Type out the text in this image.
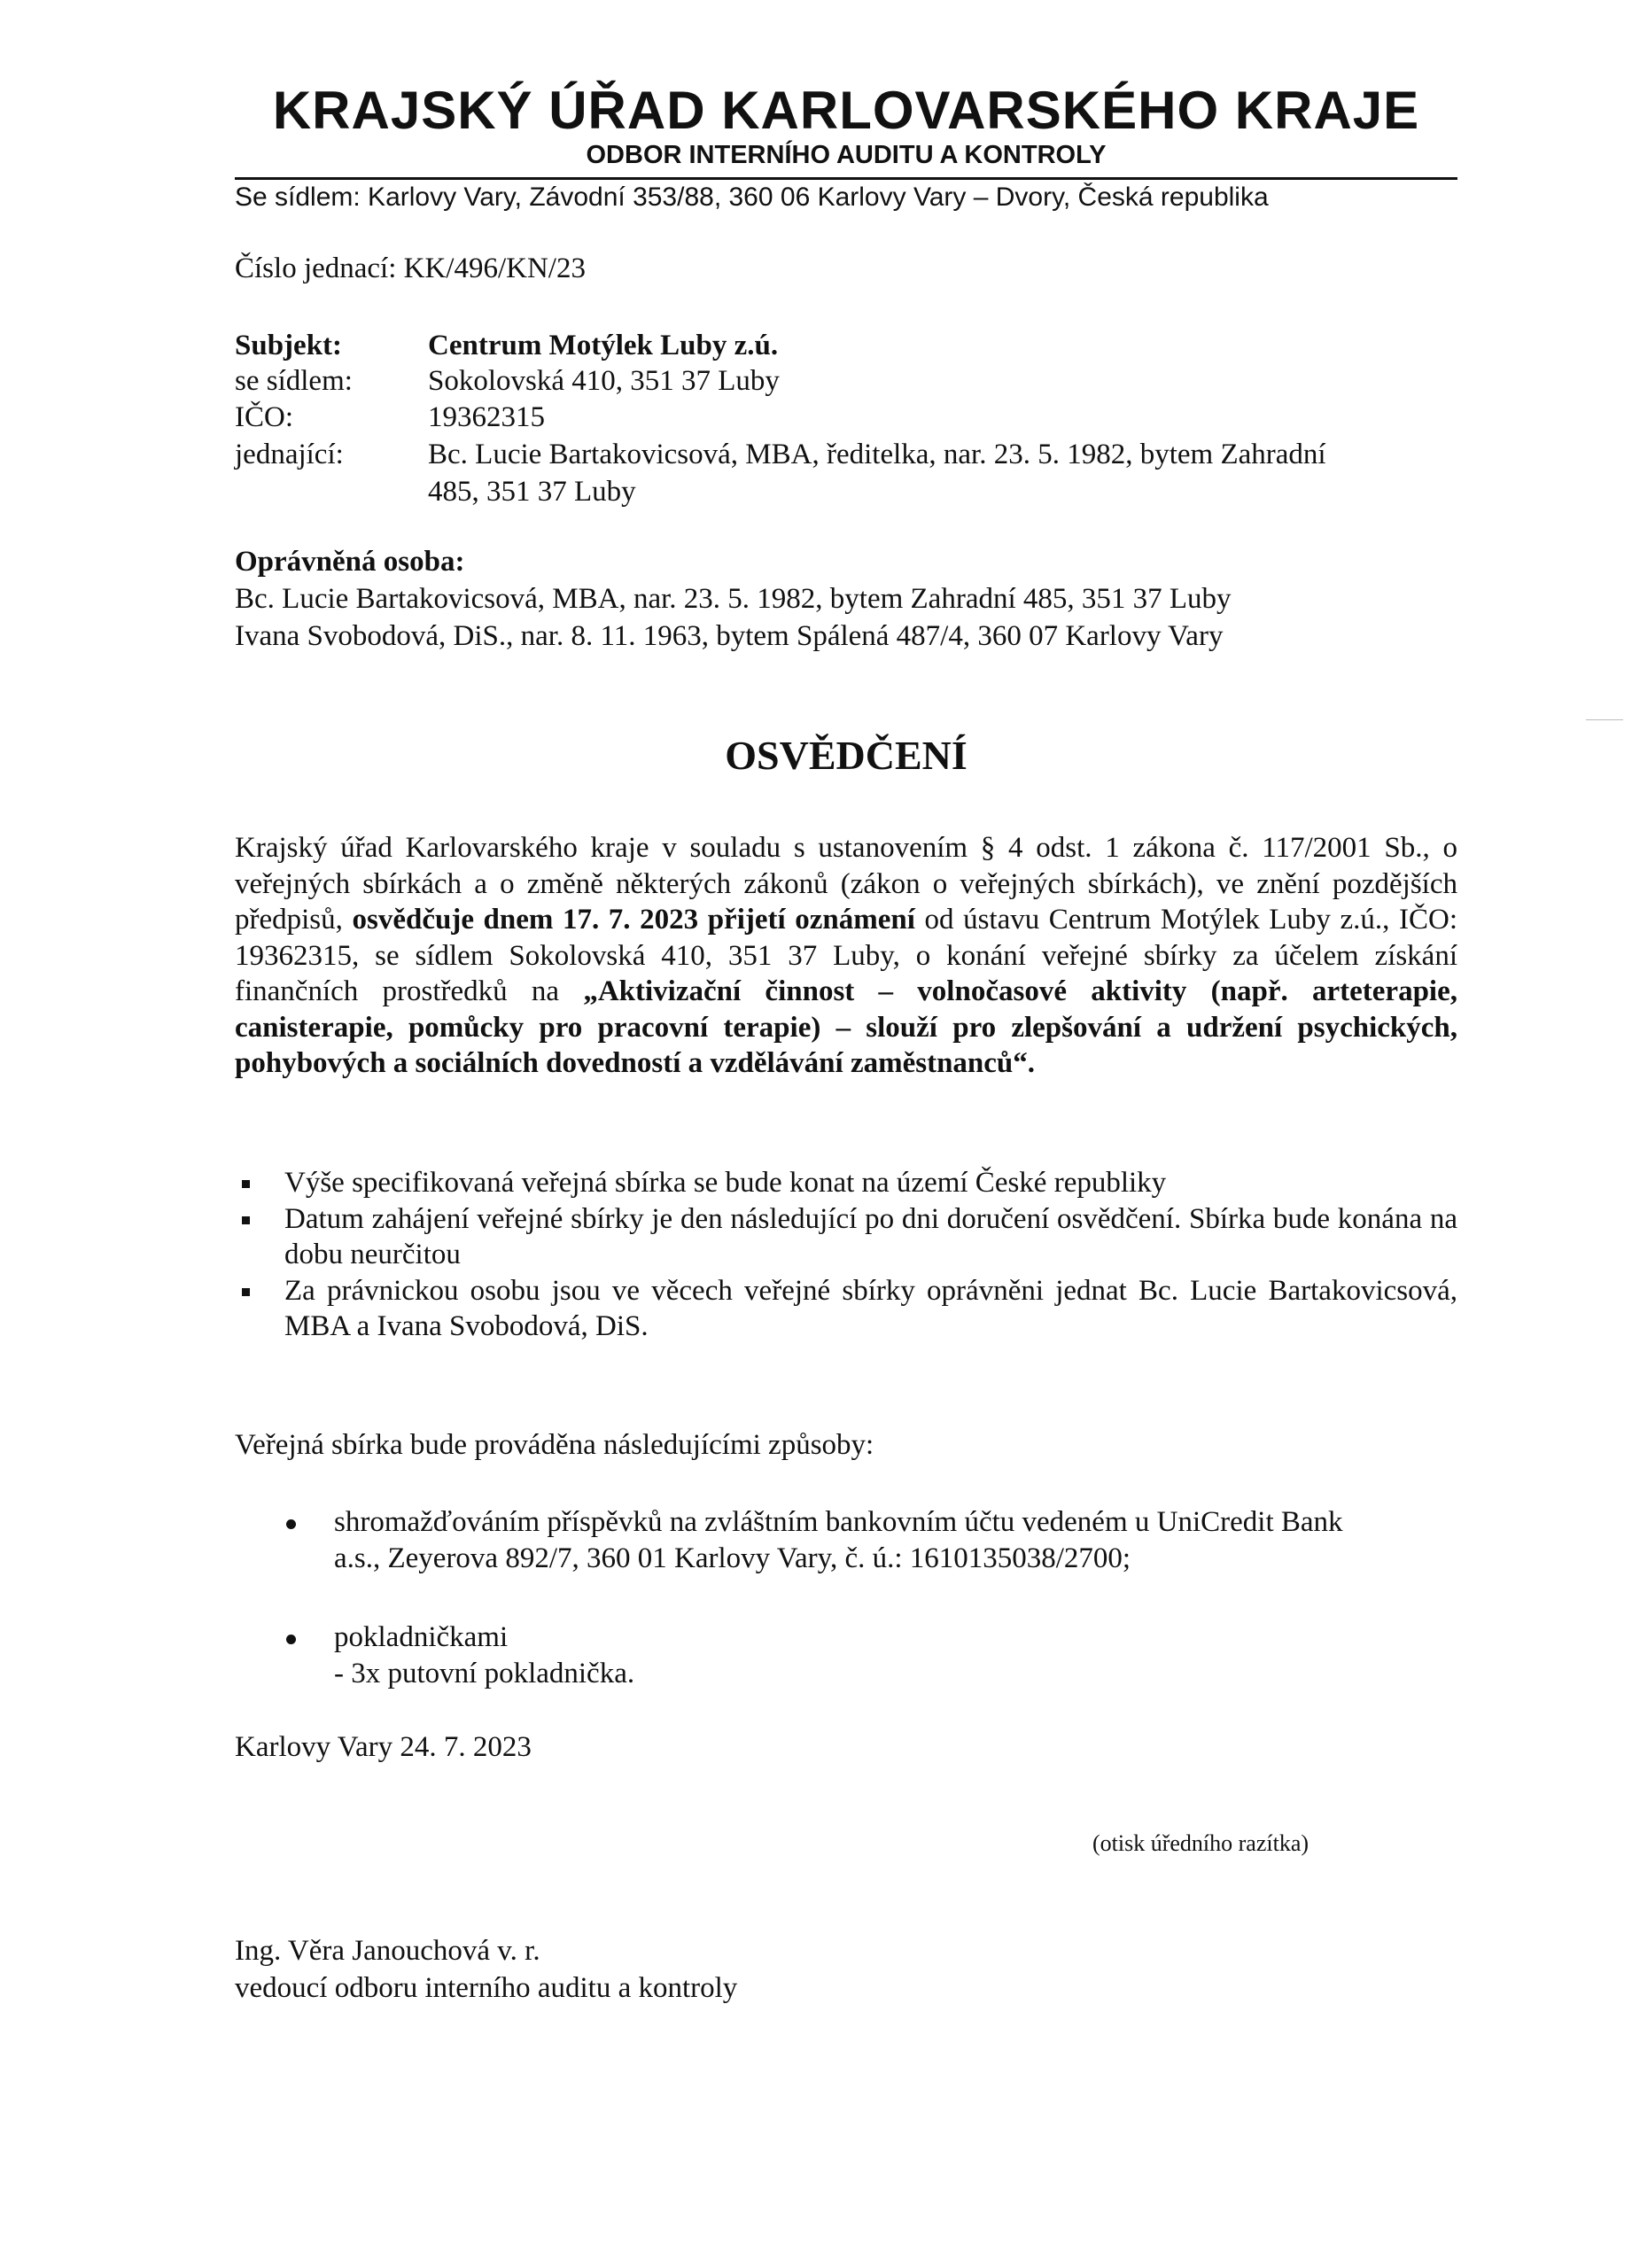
KRAJSKÝ ÚŘAD KARLOVARSKÉHO KRAJE
ODBOR INTERNÍHO AUDITU A KONTROLY
Se sídlem: Karlovy Vary, Závodní 353/88, 360 06 Karlovy Vary – Dvory, Česká republika
Číslo jednací: KK/496/KN/23
Subjekt:	Centrum Motýlek Luby z.ú.
se sídlem:	Sokolovská 410, 351 37 Luby
IČO:	19362315
jednající:	Bc. Lucie Bartakovicsová, MBA, ředitelka, nar. 23. 5. 1982, bytem Zahradní
485, 351 37 Luby
Oprávněná osoba:
Bc. Lucie Bartakovicsová, MBA, nar. 23. 5. 1982, bytem Zahradní 485, 351 37 Luby
Ivana Svobodová, DiS., nar. 8. 11. 1963, bytem Spálená 487/4, 360 07 Karlovy Vary
OSVĚDČENÍ
Krajský úřad Karlovarského kraje v souladu s ustanovením § 4 odst. 1 zákona č. 117/2001 Sb., o veřejných sbírkách a o změně některých zákonů (zákon o veřejných sbírkách), ve znění pozdějších předpisů, osvědčuje dnem 17. 7. 2023 přijetí oznámení od ústavu Centrum Motýlek Luby z.ú., IČO: 19362315, se sídlem Sokolovská 410, 351 37 Luby, o konání veřejné sbírky za účelem získání finančních prostředků na „Aktivizační činnost – volnočasové aktivity (např. arteterapie, canisterapie, pomůcky pro pracovní terapie) – slouží pro zlepšování a udržení psychických, pohybových a sociálních dovedností a vzdělávání zaměstnanců“.
Výše specifikovaná veřejná sbírka se bude konat na území České republiky
Datum zahájení veřejné sbírky je den následující po dni doručení osvědčení. Sbírka bude konána na dobu neurčitou
Za právnickou osobu jsou ve věcech veřejné sbírky oprávněni jednat Bc. Lucie Bartakovicsová, MBA a Ivana Svobodová, DiS.
Veřejná sbírka bude prováděna následujícími způsoby:
shromažďováním příspěvků na zvláštním bankovním účtu vedeném u UniCredit Bank
a.s., Zeyerova 892/7, 360 01 Karlovy Vary, č. ú.: 1610135038/2700;
pokladničkami
- 3x putovní pokladnička.
Karlovy Vary 24. 7. 2023
(otisk úředního razítka)
Ing. Věra Janouchová v. r.
vedoucí odboru interního auditu a kontroly
